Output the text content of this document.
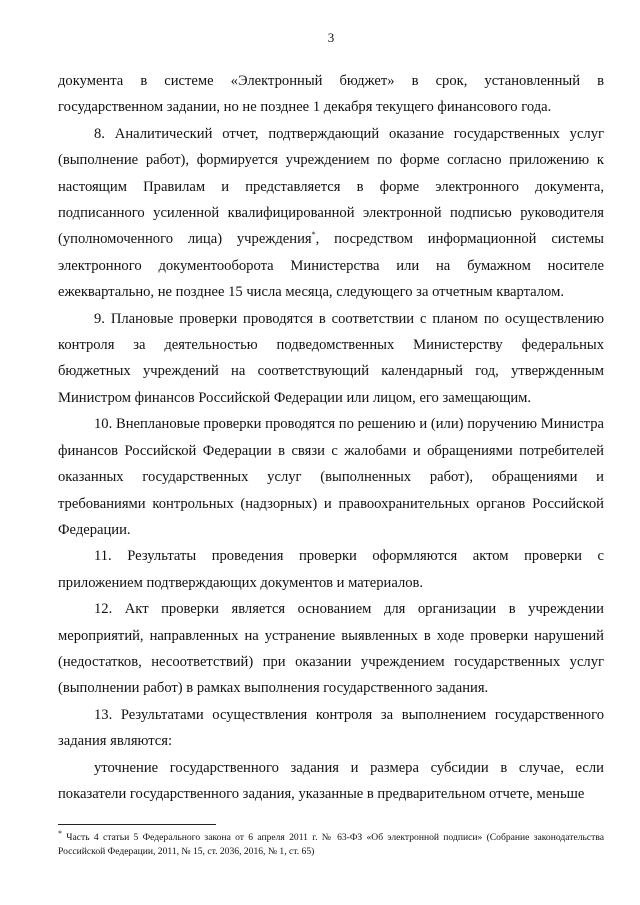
3

документа в системе «Электронный бюджет» в срок, установленный в государственном задании, но не позднее 1 декабря текущего финансового года.

8. Аналитический отчет, подтверждающий оказание государственных услуг (выполнение работ), формируется учреждением по форме согласно приложению к настоящим Правилам и представляется в форме электронного документа, подписанного усиленной квалифицированной электронной подписью руководителя (уполномоченного лица) учреждения*, посредством информационной системы электронного документооборота Министерства или на бумажном носителе ежеквартально, не позднее 15 числа месяца, следующего за отчетным кварталом.

9. Плановые проверки проводятся в соответствии с планом по осуществлению контроля за деятельностью подведомственных Министерству федеральных бюджетных учреждений на соответствующий календарный год, утвержденным Министром финансов Российской Федерации или лицом, его замещающим.

10. Внеплановые проверки проводятся по решению и (или) поручению Министра финансов Российской Федерации в связи с жалобами и обращениями потребителей оказанных государственных услуг (выполненных работ), обращениями и требованиями контрольных (надзорных) и правоохранительных органов Российской Федерации.

11. Результаты проведения проверки оформляются актом проверки с приложением подтверждающих документов и материалов.

12. Акт проверки является основанием для организации в учреждении мероприятий, направленных на устранение выявленных в ходе проверки нарушений (недостатков, несоответствий) при оказании учреждением государственных услуг (выполнении работ) в рамках выполнения государственного задания.

13. Результатами осуществления контроля за выполнением государственного задания являются:

уточнение государственного задания и размера субсидии в случае, если показатели государственного задания, указанные в предварительном отчете, меньше

* Часть 4 статьи 5 Федерального закона от 6 апреля 2011 г. № 63-ФЗ «Об электронной подписи» (Собрание законодательства Российской Федерации, 2011, № 15, ст. 2036, 2016, № 1, ст. 65)
